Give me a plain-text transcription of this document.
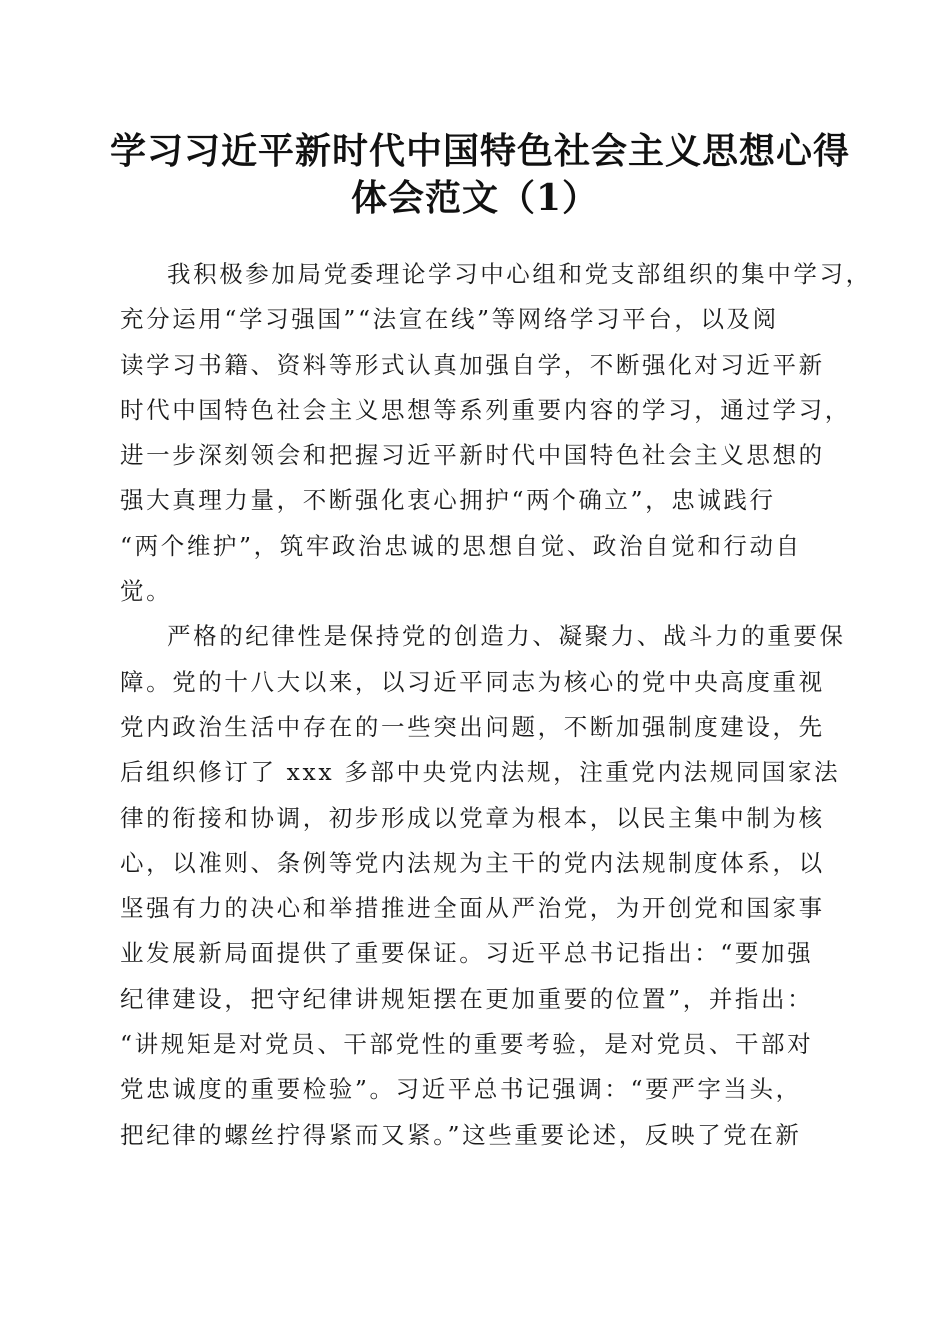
学习习近平新时代中国特色社会主义思想心得
体会范文（1）
我积极参加局党委理论学习中心组和党支部组织的集中学习，
充分运用“学习强国”“法宣在线”等网络学习平台，以及阅
读学习书籍、资料等形式认真加强自学，不断强化对习近平新
时代中国特色社会主义思想等系列重要内容的学习，通过学习，
进一步深刻领会和把握习近平新时代中国特色社会主义思想的
强大真理力量，不断强化衷心拥护“两个确立”，忠诚践行
“两个维护”，筑牢政治忠诚的思想自觉、政治自觉和行动自
觉。
严格的纪律性是保持党的创造力、凝聚力、战斗力的重要保
障。党的十八大以来，以习近平同志为核心的党中央高度重视
党内政治生活中存在的一些突出问题，不断加强制度建设，先
后组织修订了 xxx 多部中央党内法规，注重党内法规同国家法
律的衔接和协调，初步形成以党章为根本，以民主集中制为核
心，以准则、条例等党内法规为主干的党内法规制度体系，以
坚强有力的决心和举措推进全面从严治党，为开创党和国家事
业发展新局面提供了重要保证。习近平总书记指出：“要加强
纪律建设，把守纪律讲规矩摆在更加重要的位置”，并指出：
“讲规矩是对党员、干部党性的重要考验，是对党员、干部对
党忠诚度的重要检验”。习近平总书记强调：“要严字当头，
把纪律的螺丝拧得紧而又紧。”这些重要论述，反映了党在新
